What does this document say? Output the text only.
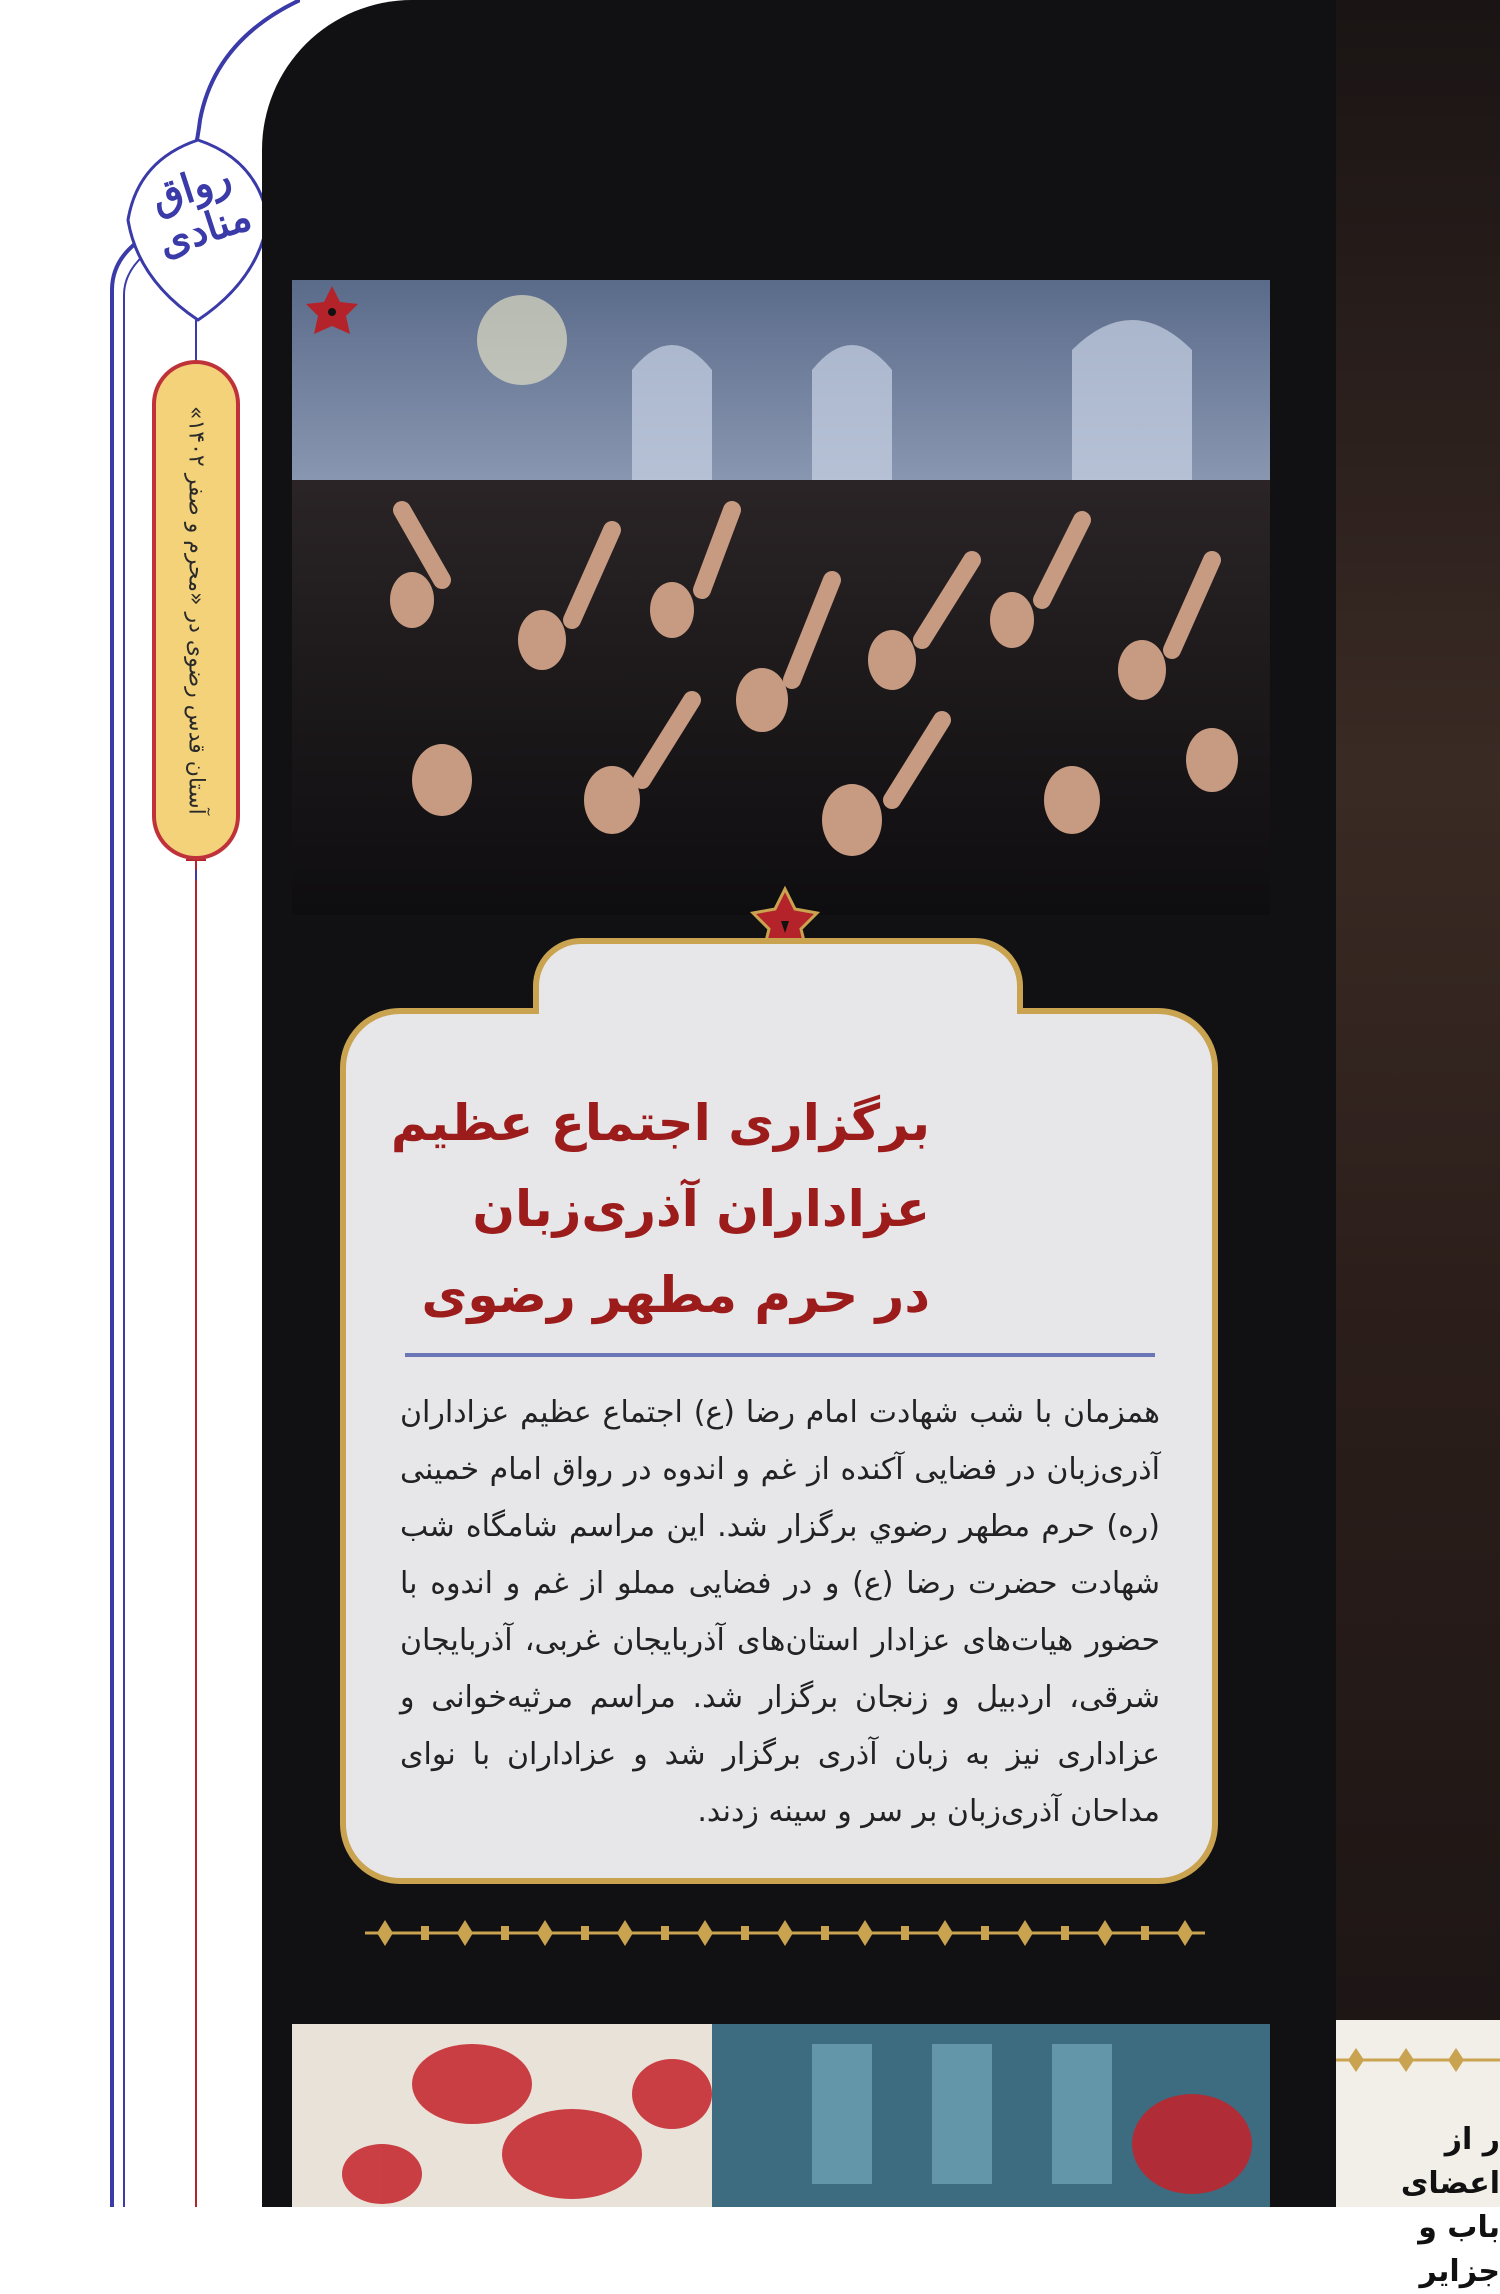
رواق منادی
آستان قدس رضوی در «محرم و صفر ۱۴۰۲»
ر از اعضای
باب و جزایر
برگزاری اجتماع عظیم
عزاداران آذری‌زبان
در حرم مطهر رضوی

همزمان با شب شهادت امام رضا (ع) اجتماع عظیم عزاداران آذری‌زبان در فضایی آکنده از غم و اندوه در رواق امام خمینی (ره) حرم مطهر رضوي برگزار شد. این مراسم شامگاه شب شهادت حضرت رضا (ع) و در فضایی مملو از غم و اندوه با حضور هیات‌های عزادار استان‌های آذربایجان غربی، آذربایجان شرقی، اردبیل و زنجان برگزار شد. مراسم مرثیه‌خوانی و عزاداری نیز به زبان آذری برگزار شد و عزاداران با نوای مداحان آذری‌زبان بر سر و سینه زدند.
